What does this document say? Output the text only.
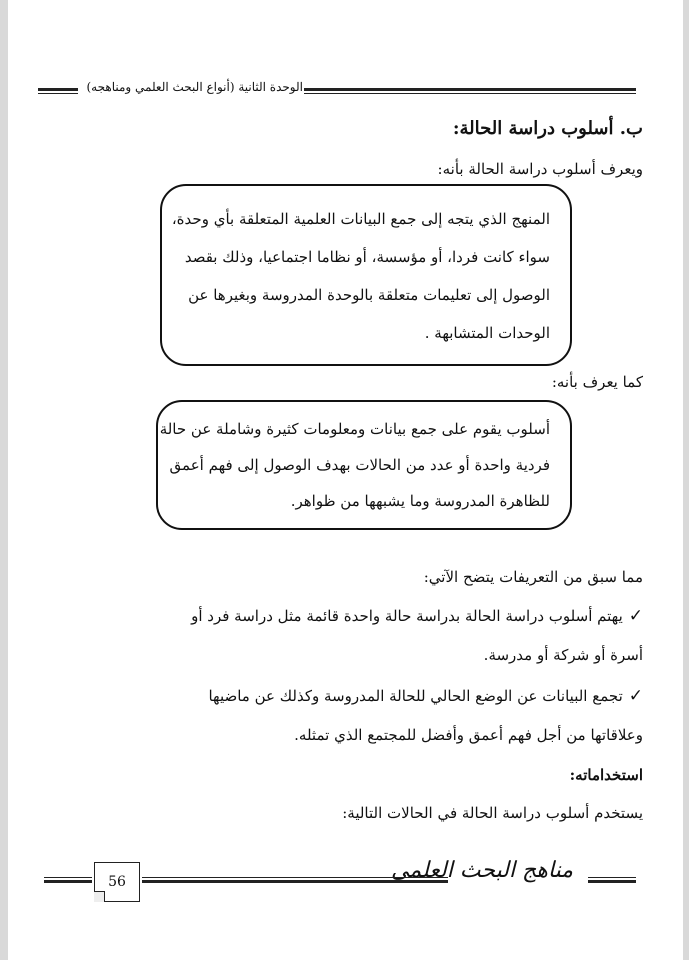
الوحدة الثانية (أنواع البحث العلمي ومناهجه)
ب. أسلوب دراسة الحالة:
ويعرف أسلوب دراسة الحالة بأنه:
المنهج الذي يتجه إلى جمع البيانات العلمية المتعلقة بأي وحدة،
سواء كانت فردا، أو مؤسسة، أو نظاما اجتماعيا، وذلك بقصد
الوصول إلى تعليمات متعلقة بالوحدة المدروسة وبغيرها عن
الوحدات المتشابهة .
كما يعرف بأنه:
أسلوب يقوم على جمع بيانات ومعلومات كثيرة وشاملة عن حالة
فردية واحدة أو عدد من الحالات بهدف الوصول إلى فهم أعمق
للظاهرة المدروسة وما يشبهها من ظواهر.
مما سبق من التعريفات يتضح الآتي:
✓يهتم أسلوب دراسة الحالة بدراسة حالة واحدة قائمة مثل دراسة فرد أو
أسرة أو شركة أو مدرسة.
✓تجمع البيانات عن الوضع الحالي للحالة المدروسة وكذلك عن ماضيها
وعلاقاتها من أجل فهم أعمق وأفضل للمجتمع الذي تمثله.
استخداماته:
يستخدم أسلوب دراسة الحالة في الحالات التالية:
مناهج البحث العلمي
56
